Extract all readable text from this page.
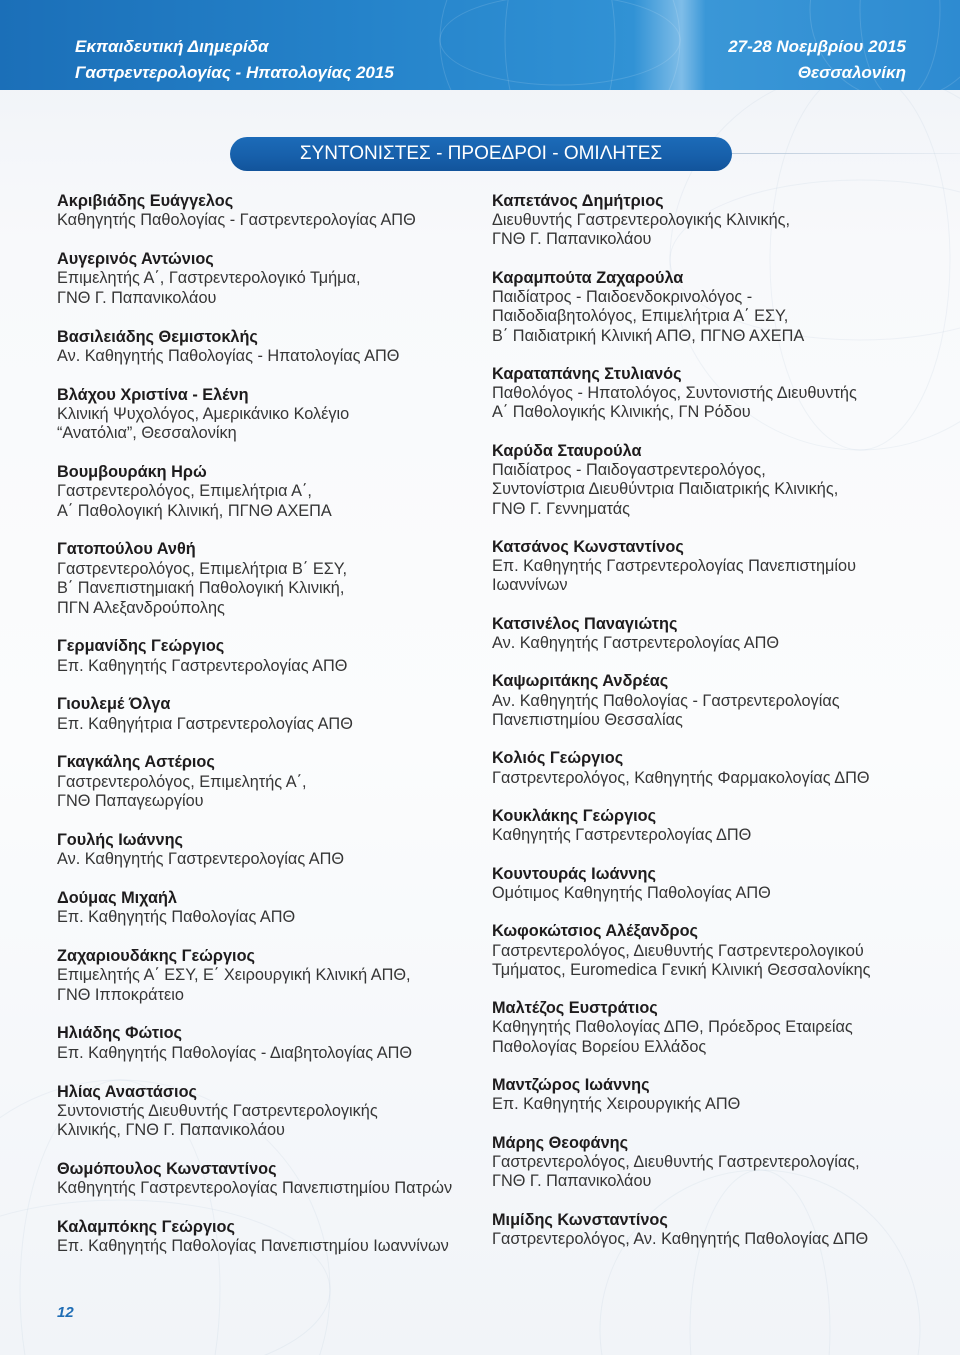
Εκπαιδευτική Διημερίδα
Γαστρεντερολογίας - Ηπατολογίας 2015
27-28 Νοεμβρίου 2015
Θεσσαλονίκη
ΣΥΝΤΟΝΙΣΤΕΣ - ΠΡΟΕΔΡΟΙ - ΟΜΙΛΗΤΕΣ
Ακριβιάδης Ευάγγελος
Καθηγητής Παθολογίας - Γαστρεντερολογίας ΑΠΘ
Αυγερινός Αντώνιος
Επιμελητής Α΄, Γαστρεντερολογικό Τμήμα,
ΓΝΘ Γ. Παπανικολάου
Βασιλειάδης Θεμιστοκλής
Αν. Καθηγητής Παθολογίας - Ηπατολογίας ΑΠΘ
Βλάχου Χριστίνα - Ελένη
Κλινική Ψυχολόγος, Αμερικάνικο Κολέγιο
“Ανατόλια”, Θεσσαλονίκη
Βουμβουράκη Ηρώ
Γαστρεντερολόγος, Επιμελήτρια Α΄,
Α΄ Παθολογική Κλινική, ΠΓΝΘ ΑΧΕΠΑ
Γατοπούλου Ανθή
Γαστρεντερολόγος, Επιμελήτρια Β΄ ΕΣΥ,
Β΄ Πανεπιστημιακή Παθολογική Κλινική,
ΠΓΝ Αλεξανδρούπολης
Γερμανίδης Γεώργιος
Επ. Καθηγητής Γαστρεντερολογίας ΑΠΘ
Γιουλεμέ Όλγα
Επ. Καθηγήτρια Γαστρεντερολογίας ΑΠΘ
Γκαγκάλης Αστέριος
Γαστρεντερολόγος, Επιμελητής Α΄,
ΓΝΘ Παπαγεωργίου
Γουλής Ιωάννης
Αν. Καθηγητής Γαστρεντερολογίας ΑΠΘ
Δούμας Μιχαήλ
Επ. Καθηγητής Παθολογίας ΑΠΘ
Ζαχαριουδάκης Γεώργιος
Επιμελητής Α΄ ΕΣΥ, Ε΄ Χειρουργική Κλινική ΑΠΘ,
ΓΝΘ Ιπποκράτειο
Ηλιάδης Φώτιος
Επ. Καθηγητής Παθολογίας - Διαβητολογίας ΑΠΘ
Ηλίας Αναστάσιος
Συντονιστής Διευθυντής Γαστρεντερολογικής
Κλινικής, ΓΝΘ Γ. Παπανικολάου
Θωμόπουλος Κωνσταντίνος
Καθηγητής Γαστρεντερολογίας Πανεπιστημίου Πατρών
Καλαμπόκης Γεώργιος
Επ. Καθηγητής Παθολογίας Πανεπιστημίου Ιωαννίνων
Καπετάνος Δημήτριος
Διευθυντής Γαστρεντερολογικής Κλινικής,
ΓΝΘ Γ. Παπανικολάου
Καραμπούτα Ζαχαρούλα
Παιδίατρος - Παιδοενδοκρινολόγος -
Παιδοδιαβητολόγος, Επιμελήτρια Α΄ ΕΣΥ,
Β΄ Παιδιατρική Κλινική ΑΠΘ, ΠΓΝΘ ΑΧΕΠΑ
Καραταπάνης Στυλιανός
Παθολόγος - Ηπατολόγος, Συντονιστής Διευθυντής
Α΄ Παθολογικής Κλινικής, ΓΝ Ρόδου
Καρύδα Σταυρούλα
Παιδίατρος - Παιδογαστρεντερολόγος,
Συντονίστρια Διευθύντρια Παιδιατρικής Κλινικής,
ΓΝΘ Γ. Γεννηματάς
Κατσάνος Κωνσταντίνος
Επ. Καθηγητής Γαστρεντερολογίας Πανεπιστημίου
Ιωαννίνων
Κατσινέλος Παναγιώτης
Αν. Καθηγητής Γαστρεντερολογίας ΑΠΘ
Καψωριτάκης Ανδρέας
Αν. Καθηγητής Παθολογίας - Γαστρεντερολογίας
Πανεπιστημίου Θεσσαλίας
Κολιός Γεώργιος
Γαστρεντερολόγος, Καθηγητής Φαρμακολογίας ΔΠΘ
Κουκλάκης Γεώργιος
Καθηγητής Γαστρεντερολογίας ΔΠΘ
Κουντουράς Ιωάννης
Ομότιμος Καθηγητής Παθολογίας ΑΠΘ
Κωφοκώτσιος Αλέξανδρος
Γαστρεντερολόγος, Διευθυντής Γαστρεντερολογικού
Τμήματος, Euromedica Γενική Κλινική Θεσσαλονίκης
Μαλτέζος Ευστράτιος
Καθηγητής Παθολογίας ΔΠΘ, Πρόεδρος Εταιρείας
Παθολογίας Βορείου Ελλάδος
Μαντζώρος Ιωάννης
Επ. Καθηγητής Χειρουργικής ΑΠΘ
Μάρης Θεοφάνης
Γαστρεντερολόγος, Διευθυντής Γαστρεντερολογίας,
ΓΝΘ Γ. Παπανικολάου
Μιμίδης Κωνσταντίνος
Γαστρεντερολόγος, Αν. Καθηγητής Παθολογίας ΔΠΘ
12
